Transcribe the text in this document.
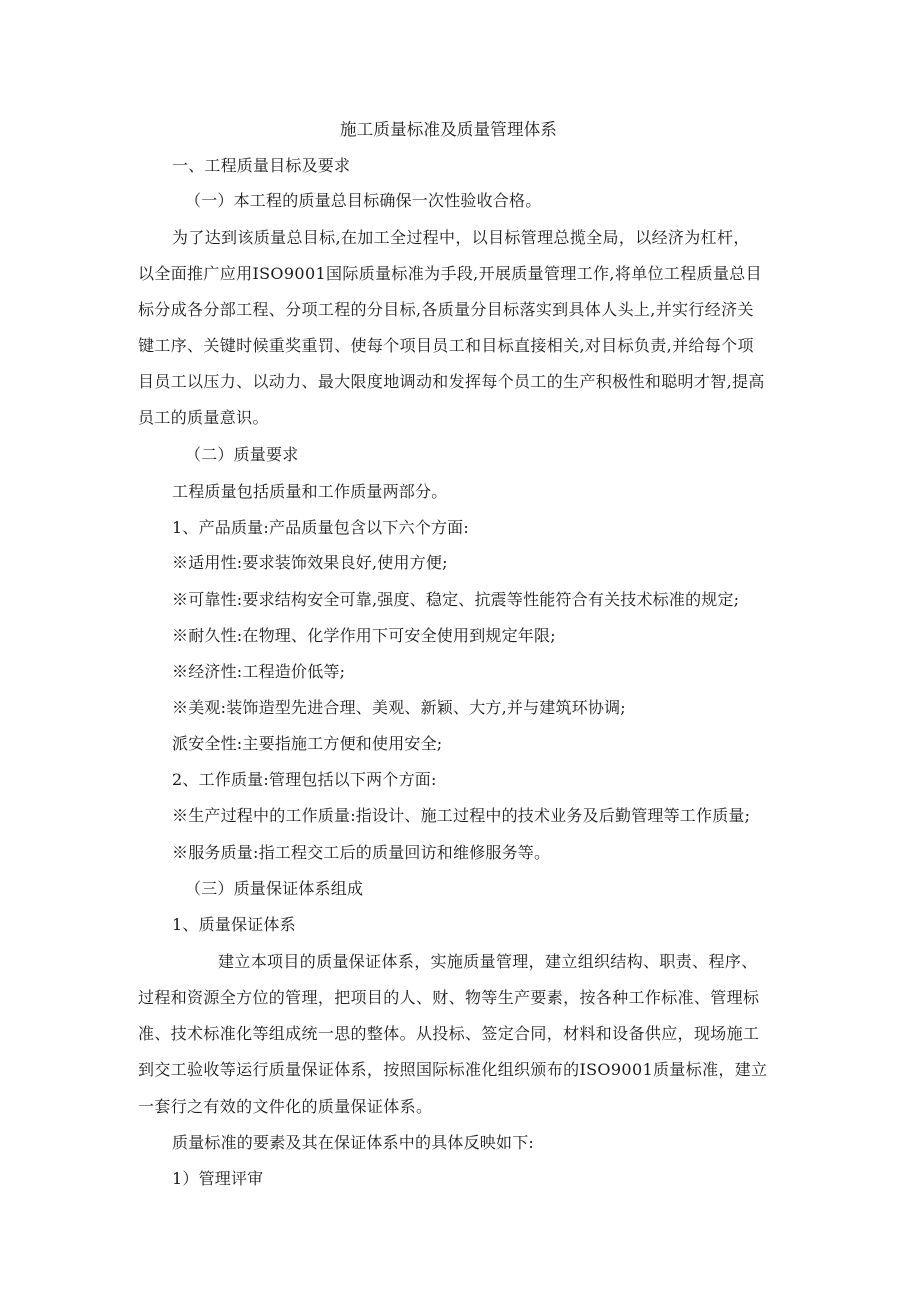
施工质量标准及质量管理体系
一、工程质量目标及要求
（一）本工程的质量总目标确保一次性验收合格。
为了达到该质量总目标,在加工全过程中，以目标管理总揽全局，以经济为杠杆，
以全面推广应用ISO9001国际质量标准为手段,开展质量管理工作,将单位工程质量总目
标分成各分部工程、分项工程的分目标,各质量分目标落实到具体人头上,并实行经济关
键工序、关键时候重奖重罚、使每个项目员工和目标直接相关,对目标负责,并给每个项
目员工以压力、以动力、最大限度地调动和发挥每个员工的生产积极性和聪明才智,提高
员工的质量意识。
（二）质量要求
工程质量包括质量和工作质量两部分。
1、产品质量:产品质量包含以下六个方面:
※适用性:要求装饰效果良好,使用方便;
※可靠性:要求结构安全可靠,强度、稳定、抗震等性能符合有关技术标准的规定;
※耐久性:在物理、化学作用下可安全使用到规定年限;
※经济性:工程造价低等;
※美观:装饰造型先进合理、美观、新颖、大方,并与建筑环协调;
派安全性:主要指施工方便和使用安全;
2、工作质量:管理包括以下两个方面:
※生产过程中的工作质量:指设计、施工过程中的技术业务及后勤管理等工作质量;
※服务质量:指工程交工后的质量回访和维修服务等。
（三）质量保证体系组成
1、质量保证体系
建立本项目的质量保证体系，实施质量管理，建立组织结构、职责、程序、
过程和资源全方位的管理，把项目的人、财、物等生产要素，按各种工作标准、管理标
准、技术标准化等组成统一思的整体。从投标、签定合同，材料和设备供应，现场施工
到交工验收等运行质量保证体系，按照国际标准化组织颁布的ISO9001质量标准，建立
一套行之有效的文件化的质量保证体系。
质量标准的要素及其在保证体系中的具体反映如下:
1）管理评审
